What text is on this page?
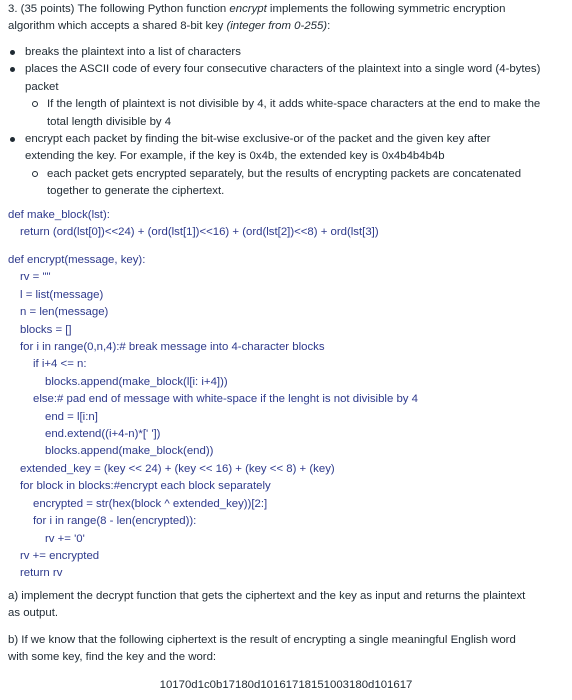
3. (35 points) The following Python function encrypt implements the following symmetric encryption
algorithm which accepts a shared 8-bit key (integer from 0-255):
breaks the plaintext into a list of characters
places the ASCII code of every four consecutive characters of the plaintext into a single word (4-bytes)
packet
If the length of plaintext is not divisible by 4, it adds white-space characters at the end to make the
total length divisible by 4
encrypt each packet by finding the bit-wise exclusive-or of the packet and the given key after
extending the key. For example, if the key is 0x4b, the extended key is 0x4b4b4b4b
each packet gets encrypted separately, but the results of encrypting packets are concatenated
together to generate the ciphertext.
def make_block(lst):
return (ord(lst[0])<<24) + (ord(lst[1])<<16) + (ord(lst[2])<<8) + ord(lst[3])
def encrypt(message, key):
rv = ""
l = list(message)
n = len(message)
blocks = []
for i in range(0,n,4):# break message into 4-character blocks
if i+4 <= n:
blocks.append(make_block(l[i: i+4]))
else:# pad end of message with white-space if the lenght is not divisible by 4
end = l[i:n]
end.extend((i+4-n)*[' '])
blocks.append(make_block(end))
extended_key = (key << 24) + (key << 16) + (key << 8) + (key)
for block in blocks:#encrypt each block separately
encrypted = str(hex(block ^ extended_key))[2:]
for i in range(8 - len(encrypted)):
rv += '0'
rv += encrypted
return rv
a) implement the decrypt function that gets the ciphertext and the key as input and returns the plaintext
as output.
b) If we know that the following ciphertext is the result of encrypting a single meaningful English word
with some key, find the key and the word:
10170d1c0b17180d10161718151003180d101617
